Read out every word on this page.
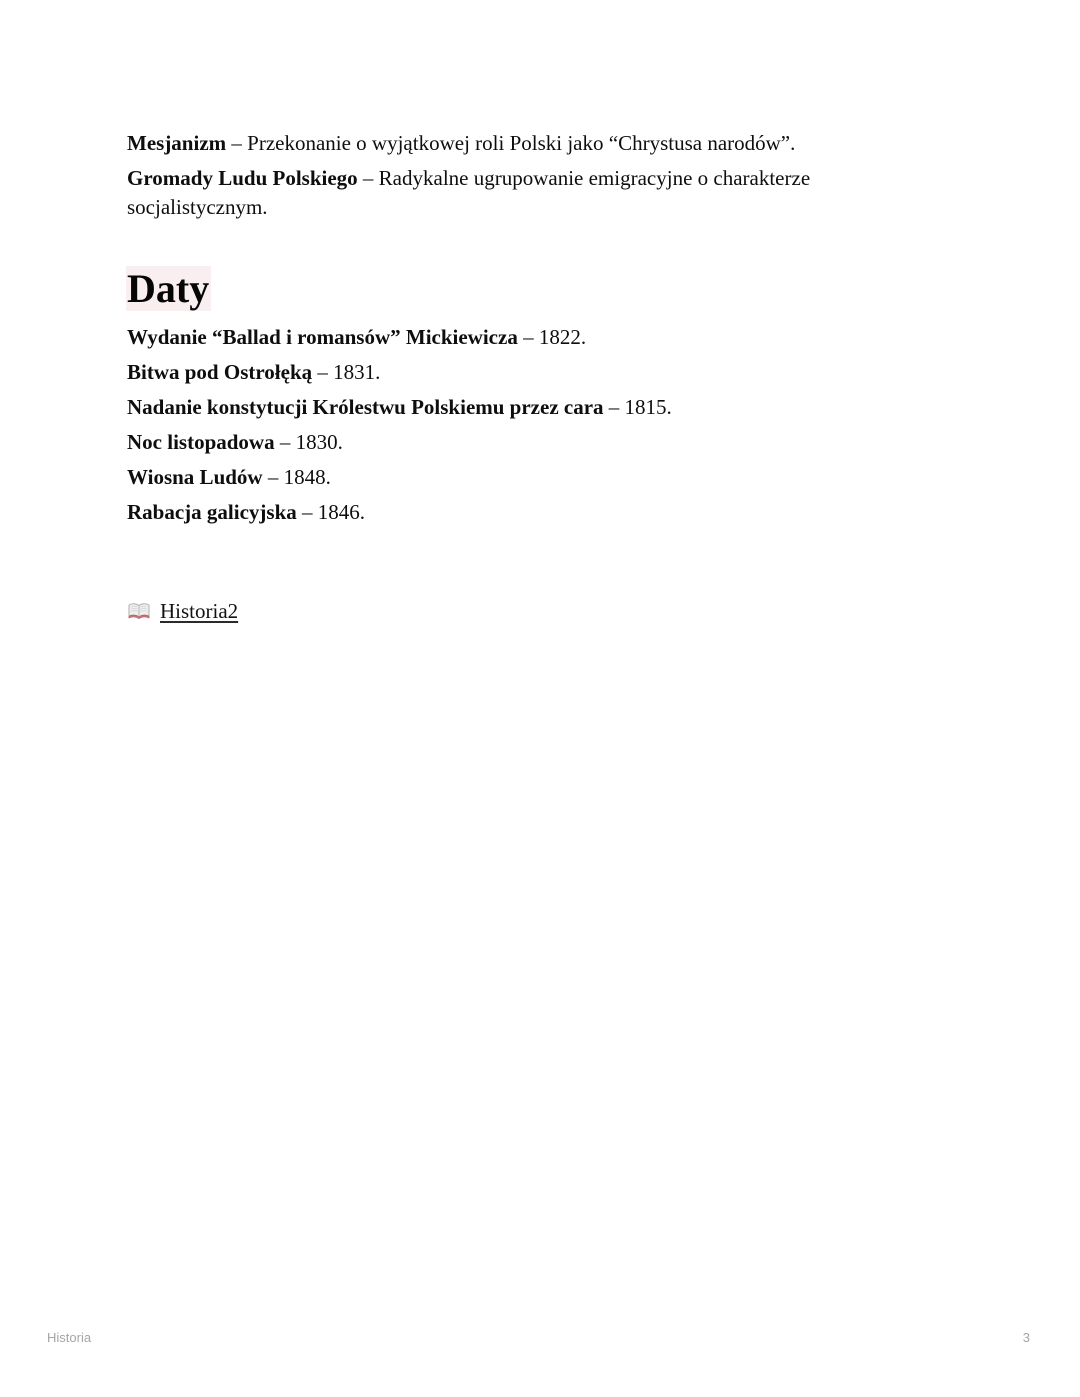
Mesjanizm – Przekonanie o wyjątkowej roli Polski jako “Chrystusa narodów”.

Gromady Ludu Polskiego – Radykalne ugrupowanie emigracyjne o charakterze socjalistycznym.

Daty

Wydanie “Ballad i romansów” Mickiewicza – 1822.

Bitwa pod Ostrołęką – 1831.

Nadanie konstytucji Królestwu Polskiemu przez cara – 1815.

Noc listopadowa – 1830.

Wiosna Ludów – 1848.

Rabacja galicyjska – 1846.

Historia2

Historia	3
